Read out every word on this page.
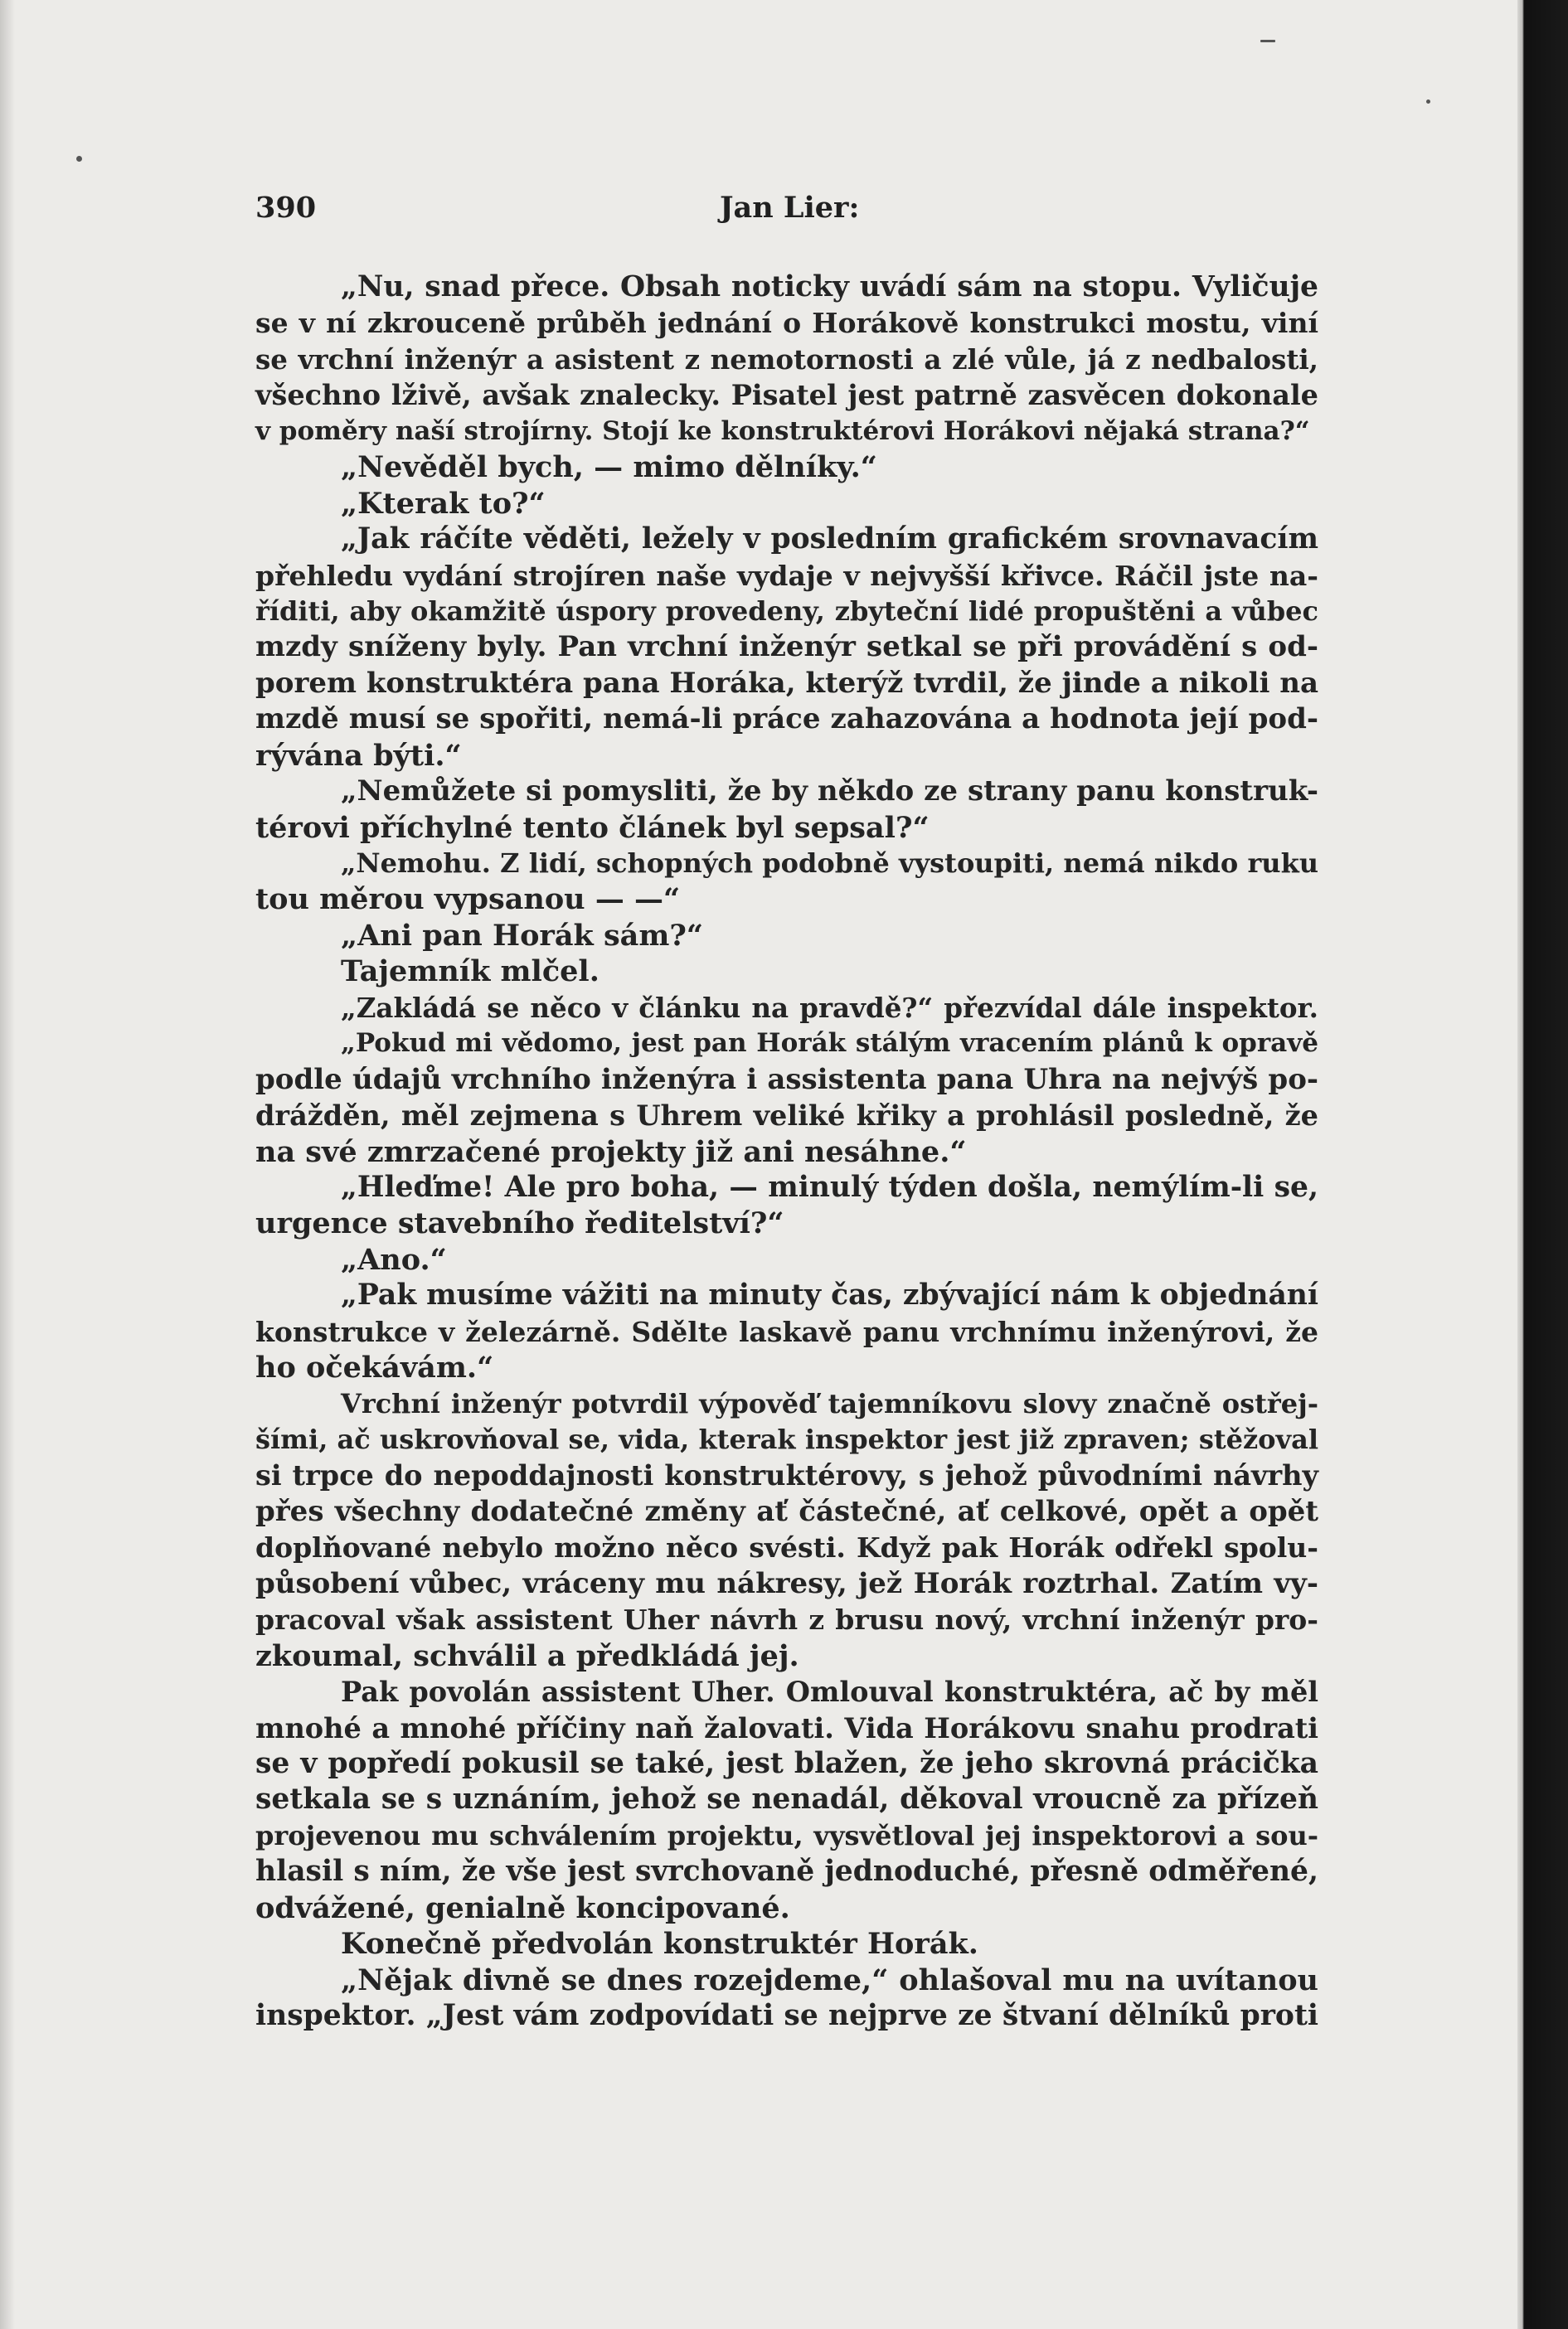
390	Jan Lier:
„Nu, snad přece. Obsah noticky uvádí sám na stopu. Vyličuje
se v ní zkrouceně průběh jednání o Horákově konstrukci mostu, viní
se vrchní inženýr a asistent z nemotornosti a zlé vůle, já z nedbalosti,
všechno lživě, avšak znalecky. Pisatel jest patrně zasvěcen dokonale
v poměry naší strojírny. Stojí ke konstruktérovi Horákovi nějaká strana?“
„Nevěděl bych, — mimo dělníky.“
„Kterak to?“
„Jak ráčíte věděti, ležely v posledním grafickém srovnavacím
přehledu vydání strojíren naše vydaje v nejvyšší křivce. Ráčil jste na-
říditi, aby okamžitě úspory provedeny, zbyteční lidé propuštěni a vůbec
mzdy sníženy byly. Pan vrchní inženýr setkal se při provádění s od-
porem konstruktéra pana Horáka, kterýž tvrdil, že jinde a nikoli na
mzdě musí se spořiti, nemá-li práce zahazována a hodnota její pod-
rývána býti.“
„Nemůžete si pomysliti, že by někdo ze strany panu konstruk-
térovi příchylné tento článek byl sepsal?“
„Nemohu. Z lidí, schopných podobně vystoupiti, nemá nikdo ruku
tou měrou vypsanou — —“
„Ani pan Horák sám?“
Tajemník mlčel.
„Zakládá se něco v článku na pravdě?“ přezvídal dále inspektor.
„Pokud mi vědomo, jest pan Horák stálým vracením plánů k opravě
podle údajů vrchního inženýra i assistenta pana Uhra na nejvýš po-
drážděn, měl zejmena s Uhrem veliké křiky a prohlásil posledně, že
na své zmrzačené projekty již ani nesáhne.“
„Hleďme! Ale pro boha, — minulý týden došla, nemýlím-li se,
urgence stavebního ředitelství?“
„Ano.“
„Pak musíme vážiti na minuty čas, zbývající nám k objednání
konstrukce v železárně. Sdělte laskavě panu vrchnímu inženýrovi, že
ho očekávám.“
Vrchní inženýr potvrdil výpověď tajemníkovu slovy značně ostřej-
šími, ač uskrovňoval se, vida, kterak inspektor jest již zpraven; stěžoval
si trpce do nepoddajnosti konstruktérovy, s jehož původními návrhy
přes všechny dodatečné změny ať částečné, ať celkové, opět a opět
doplňované nebylo možno něco svésti. Když pak Horák odřekl spolu-
působení vůbec, vráceny mu nákresy, jež Horák roztrhal. Zatím vy-
pracoval však assistent Uher návrh z brusu nový, vrchní inženýr pro-
zkoumal, schválil a předkládá jej.
Pak povolán assistent Uher. Omlouval konstruktéra, ač by měl
mnohé a mnohé příčiny naň žalovati. Vida Horákovu snahu prodrati
se v popředí pokusil se také, jest blažen, že jeho skrovná prácička
setkala se s uznáním, jehož se nenadál, děkoval vroucně za přízeň
projevenou mu schválením projektu, vysvětloval jej inspektorovi a sou-
hlasil s ním, že vše jest svrchovaně jednoduché, přesně odměřené,
odvážené, genialně koncipované.
Konečně předvolán konstruktér Horák.
„Nějak divně se dnes rozejdeme,“ ohlašoval mu na uvítanou
inspektor. „Jest vám zodpovídati se nejprve ze štvaní dělníků proti
